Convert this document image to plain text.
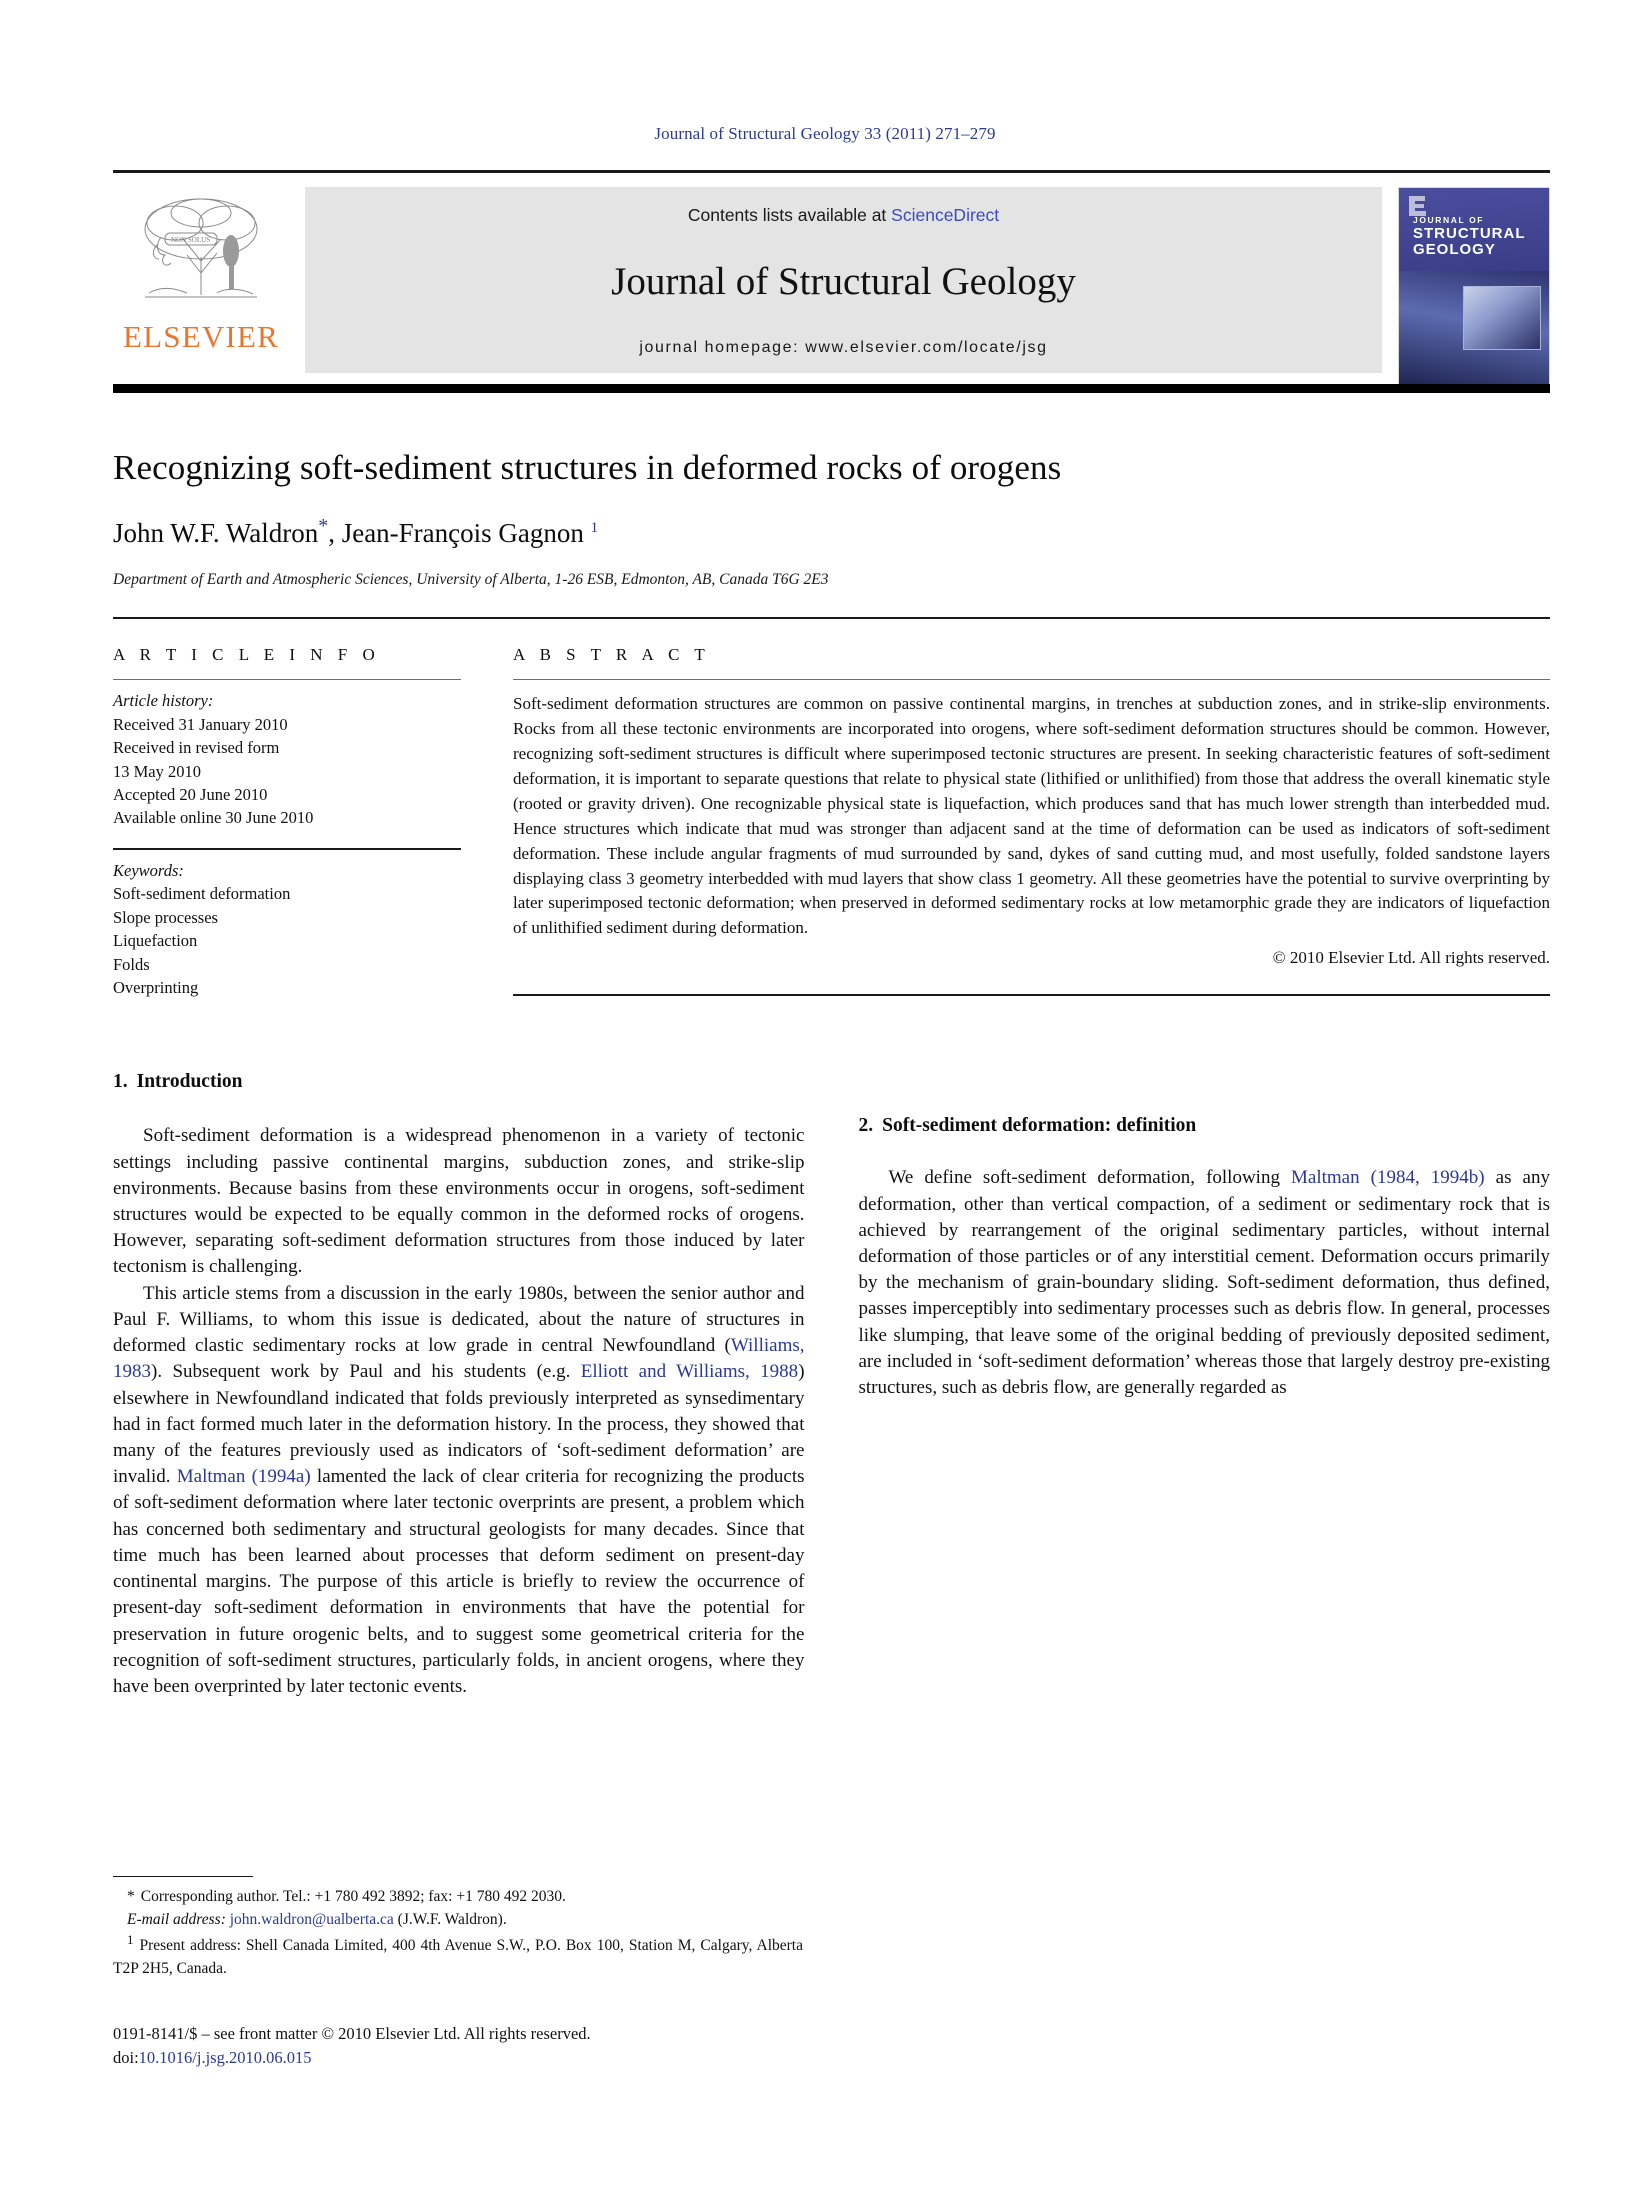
Journal of Structural Geology 33 (2011) 271–279
NON SOLUS
ELSEVIER
Contents lists available at ScienceDirect
Journal of Structural Geology
journal homepage: www.elsevier.com/locate/jsg
JOURNAL OF
STRUCTURAL
GEOLOGY
Recognizing soft-sediment structures in deformed rocks of orogens
John W.F. Waldron*, Jean-François Gagnon $^1$
Department of Earth and Atmospheric Sciences, University of Alberta, 1-26 ESB, Edmonton, AB, Canada T6G 2E3
A R T I C L E I N F O
Article history:
Received 31 January 2010
Received in revised form
13 May 2010
Accepted 20 June 2010
Available online 30 June 2010
Keywords:
Soft-sediment deformation
Slope processes
Liquefaction
Folds
Overprinting
A B S T R A C T
Soft-sediment deformation structures are common on passive continental margins, in trenches at subduction zones, and in strike-slip environments. Rocks from all these tectonic environments are incorporated into orogens, where soft-sediment deformation structures should be common. However, recognizing soft-sediment structures is difficult where superimposed tectonic structures are present. In seeking characteristic features of soft-sediment deformation, it is important to separate questions that relate to physical state (lithified or unlithified) from those that address the overall kinematic style (rooted or gravity driven). One recognizable physical state is liquefaction, which produces sand that has much lower strength than interbedded mud. Hence structures which indicate that mud was stronger than adjacent sand at the time of deformation can be used as indicators of soft-sediment deformation. These include angular fragments of mud surrounded by sand, dykes of sand cutting mud, and most usefully, folded sandstone layers displaying class 3 geometry interbedded with mud layers that show class 1 geometry. All these geometries have the potential to survive overprinting by later superimposed tectonic deformation; when preserved in deformed sedimentary rocks at low metamorphic grade they are indicators of liquefaction of unlithified sediment during deformation.
© 2010 Elsevier Ltd. All rights reserved.
1. Introduction

Soft-sediment deformation is a widespread phenomenon in a variety of tectonic settings including passive continental margins, subduction zones, and strike-slip environments. Because basins from these environments occur in orogens, soft-sediment structures would be expected to be equally common in the deformed rocks of orogens. However, separating soft-sediment deformation structures from those induced by later tectonism is challenging.

This article stems from a discussion in the early 1980s, between the senior author and Paul F. Williams, to whom this issue is dedicated, about the nature of structures in deformed clastic sedimentary rocks at low grade in central Newfoundland (Williams, 1983). Subsequent work by Paul and his students (e.g. Elliott and Williams, 1988) elsewhere in Newfoundland indicated that folds previously interpreted as synsedimentary had in fact formed much later in the deformation history. In the process, they showed that many of the features previously used as indicators of ‘soft-sediment deformation’ are invalid. Maltman (1994a) lamented the lack of clear criteria for recognizing the products of soft-sediment deformation where later tectonic overprints are present, a problem which has concerned both sedimentary and structural geologists for many decades. Since that time much has been learned about processes that deform sediment on present-day continental margins. The purpose of this article is briefly to review the occurrence of present-day soft-sediment deformation in environments that have the potential for preservation in future orogenic belts, and to suggest some geometrical criteria for the recognition of soft-sediment structures, particularly folds, in ancient orogens, where they have been overprinted by later tectonic events.

2. Soft-sediment deformation: definition

We define soft-sediment deformation, following Maltman (1984, 1994b) as any deformation, other than vertical compaction, of a sediment or sedimentary rock that is achieved by rearrangement of the original sedimentary particles, without internal deformation of those particles or of any interstitial cement. Deformation occurs primarily by the mechanism of grain-boundary sliding. Soft-sediment deformation, thus defined, passes imperceptibly into sedimentary processes such as debris flow. In general, processes like slumping, that leave some of the original bedding of previously deposited sediment, are included in ‘soft-sediment deformation’ whereas those that largely destroy pre-existing structures, such as debris flow, are generally regarded as

* Corresponding author. Tel.: +1 780 492 3892; fax: +1 780 492 2030.
E-mail address: john.waldron@ualberta.ca (J.W.F. Waldron).
$^1$ Present address: Shell Canada Limited, 400 4th Avenue S.W., P.O. Box 100, Station M, Calgary, Alberta T2P 2H5, Canada.
0191-8141/$ – see front matter © 2010 Elsevier Ltd. All rights reserved.
doi:10.1016/j.jsg.2010.06.015
